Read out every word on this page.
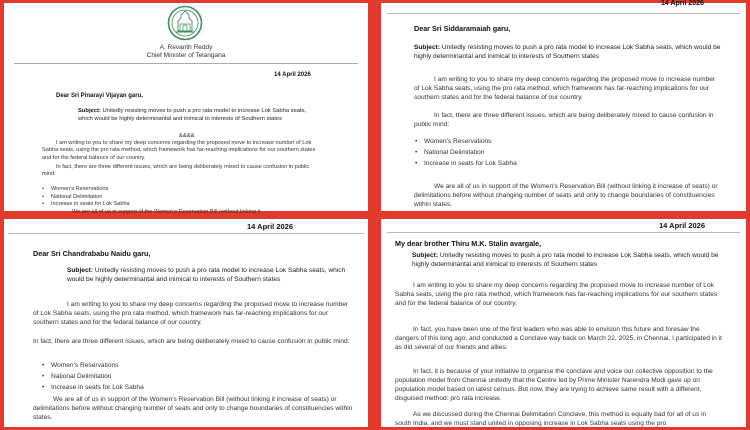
A. Revanth Reddy
Chief Minister of Telangana
14 April 2026
Dear Sri Pinarayi Vijayan garu,
Subject: Unitedly resisting moves to push a pro rata model to increase Lok Sabha seats, which would be highly determinantal and inimical to interests of Southern states
&&&&
I am writing to you to share my deep concerns regarding the proposed move to increase number of Lok Sabha seats, using the pro rata method, which framework has far-reaching implications for our southern states and for the federal balance of our country.
In fact, there are three different issues, which are being deliberately mixed to cause confusion in public mind:
• Women's Reservations
• National Delimitation
• Increase in seats for Lok Sabha
We are all of us in support of the Women's Reservation Bill (without linking it
14 April 2026
Dear Sri Siddaramaiah garu,
Subject: Unitedly resisting moves to push a pro rata model to increase Lok Sabha seats, which would be highly determinantal and inimical to interests of Southern states
I am writing to you to share my deep concerns regarding the proposed move to increase number of Lok Sabha seats, using the pro rata method, which framework has far-reaching implications for our southern states and for the federal balance of our country.
In fact, there are three different issues, which are being deliberately mixed to cause confusion in public mind:
• Women's Reservations
• National Delimitation
• Increase in seats for Lok Sabha
We are all of us in support of the Women's Reservation Bill (without linking it increase of seats) or delimitations before without changing number of seats and only to change boundaries of constituencies within states.
14 April 2026
Dear Sri Chandrababu Naidu garu,
Subject: Unitedly resisting moves to push a pro rata model to increase Lok Sabha seats, which would be highly determinantal and inimical to interests of Southern states
I am writing to you to share my deep concerns regarding the proposed move to increase number of Lok Sabha seats, using the pro rata method, which framework has far-reaching implications for our southern states and for the federal balance of our country.
In fact, there are three different issues, which are being deliberately mixed to cause confusion in public mind:
• Women's Reservations
• National Delimitation
• Increase in seats for Lok Sabha
We are all of us in support of the Women's Reservation Bill (without linking it increase of seats) or delimitations before without changing number of seats and only to change boundaries of constituencies within states.
14 April 2026
My dear brother Thiru M.K. Stalin avargale,
Subject: Unitedly resisting moves to push a pro rata model to increase Lok Sabha seats, which would be highly determinantal and inimical to interests of Southern states
I am writing to you to share my deep concerns regarding the proposed move to increase number of Lok Sabha seats, using the pro rata method, which framework has far-reaching implications for our southern states and for the federal balance of our country.
In fact, you have been one of the first leaders who was able to envision this future and foresaw the dangers of this long ago, and conducted a Conclave way back on March 22, 2025, in Chennai. I participated in it as did several of our friends and allies.
In fact, it is because of your initiative to organise the conclave and voice our collective opposition to the population model from Chennai unitedly that the Centre led by Prime Minister Narendra Modi gave up on population model based on latest census. But now, they are trying to achieve same result with a different, disguised method: pro rata increase.
As we discussed during the Chennai Delimitation Conclave, this method is equally bad for all of us in south India, and we must stand united in opposing increase in Lok Sabha seats using the pro
